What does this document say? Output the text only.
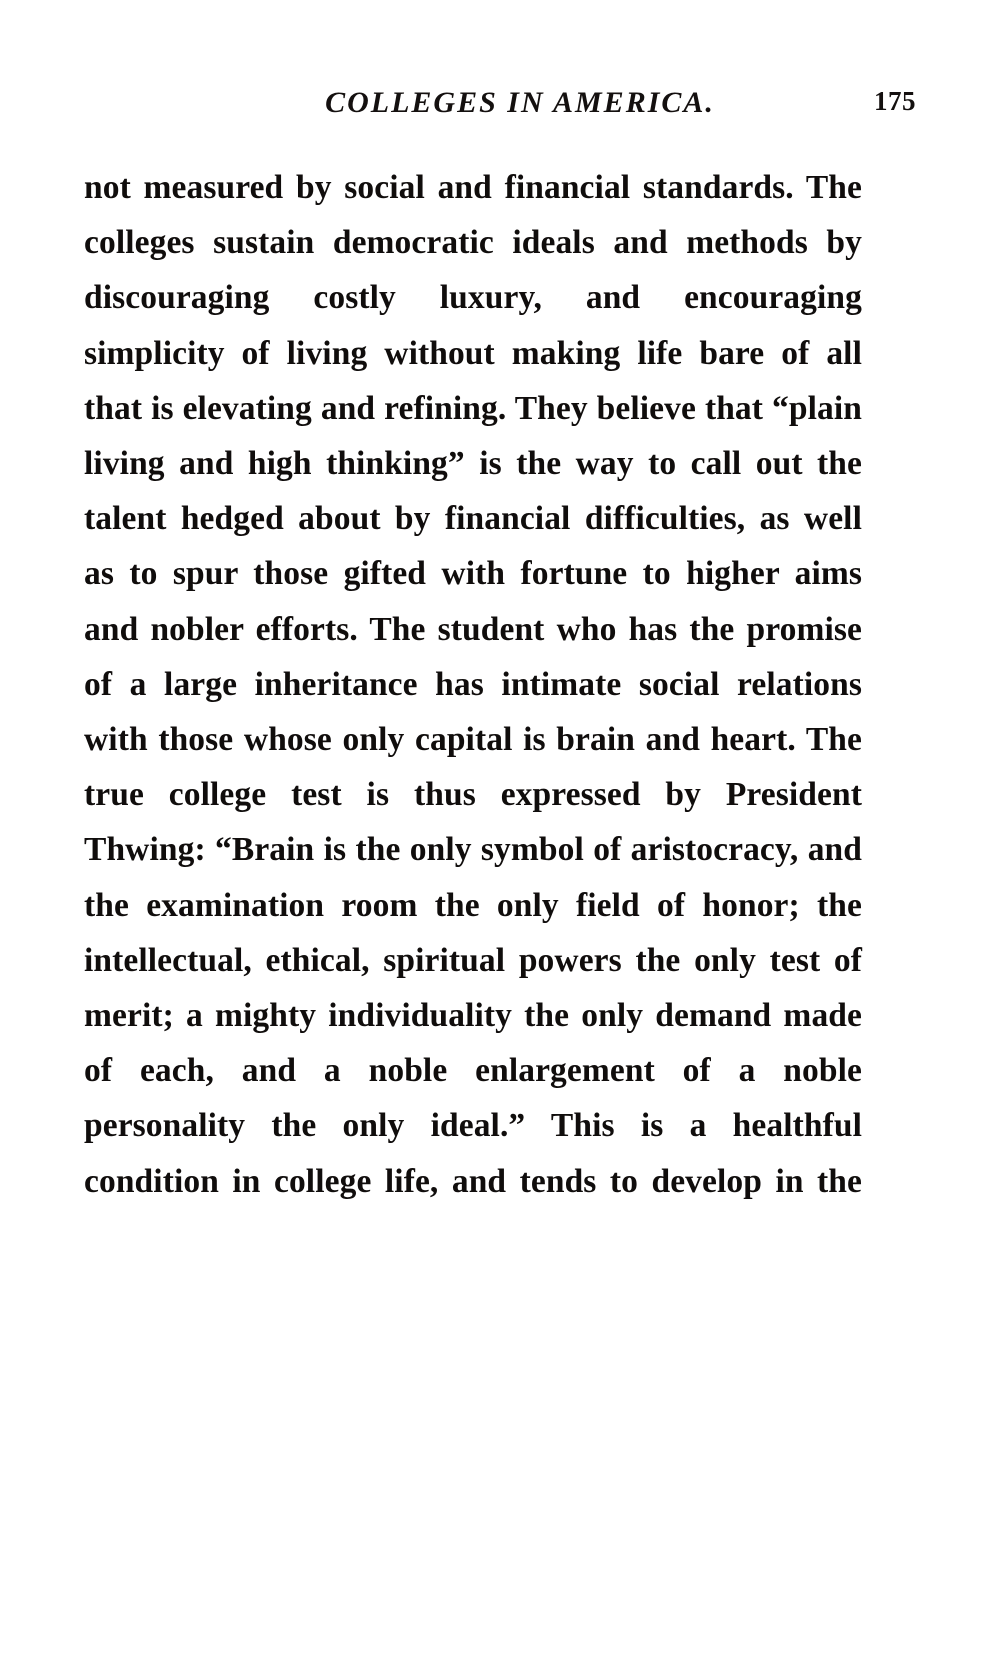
COLLEGES IN AMERICA.	175

not measured by social and financial standards. The colleges sustain democratic ideals and methods by discouraging costly luxury, and encouraging simplicity of living without making life bare of all that is elevating and refining. They believe that “plain living and high thinking” is the way to call out the talent hedged about by financial difficulties, as well as to spur those gifted with fortune to higher aims and nobler efforts. The student who has the promise of a large inheritance has intimate social relations with those whose only capital is brain and heart. The true college test is thus expressed by President Thwing: “Brain is the only symbol of aristocracy, and the examination room the only field of honor; the intellectual, ethical, spiritual powers the only test of merit; a mighty individuality the only demand made of each, and a noble enlargement of a noble personality the only ideal.” This is a healthful condition in college life, and tends to develop in the
